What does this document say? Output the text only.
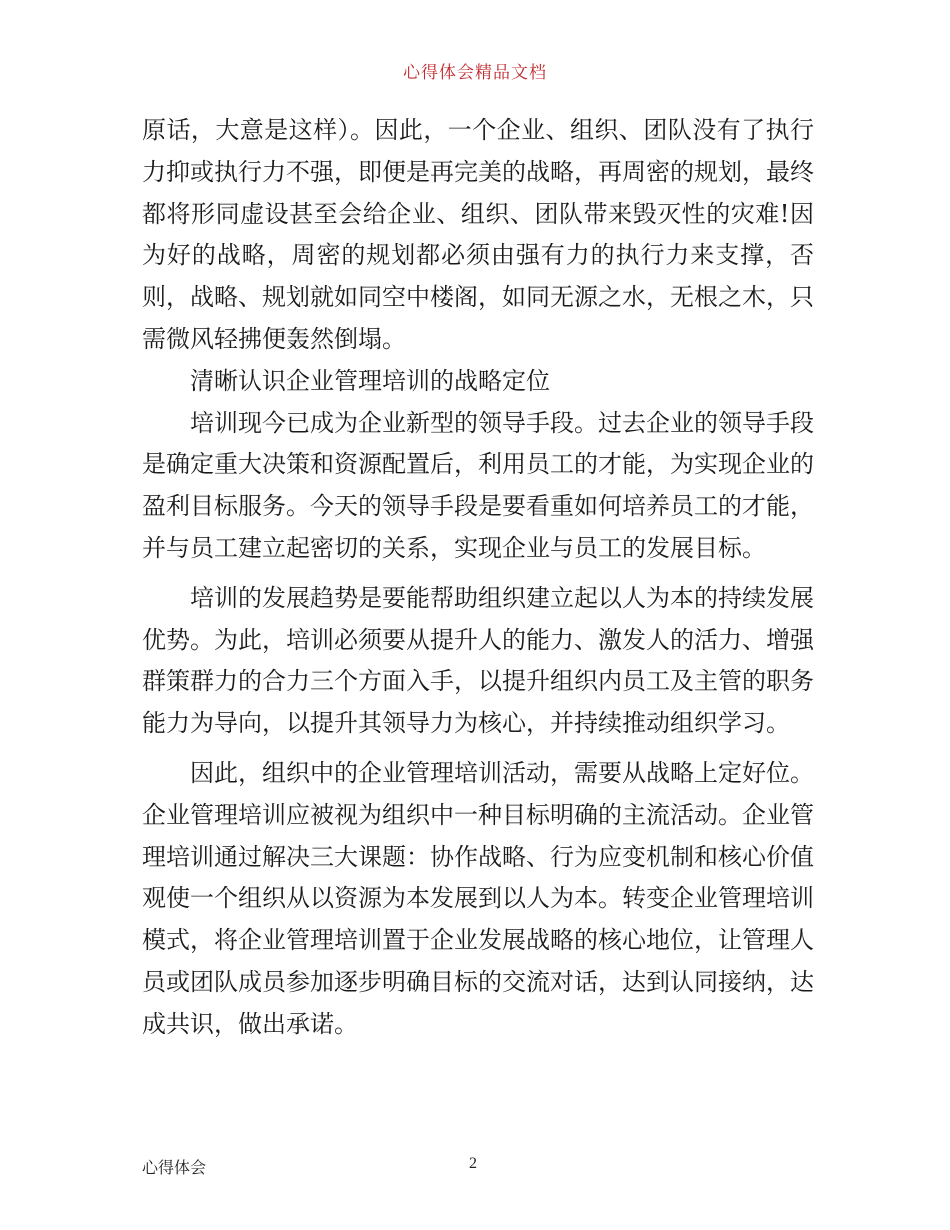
心得体会精品文档

原话，大意是这样）。因此，一个企业、组织、团队没有了执行力抑或执行力不强，即便是再完美的战略，再周密的规划，最终都将形同虚设甚至会给企业、组织、团队带来毁灭性的灾难!因为好的战略，周密的规划都必须由强有力的执行力来支撑，否则，战略、规划就如同空中楼阁，如同无源之水，无根之木，只需微风轻拂便轰然倒塌。

清晰认识企业管理培训的战略定位

培训现今已成为企业新型的领导手段。过去企业的领导手段是确定重大决策和资源配置后，利用员工的才能，为实现企业的盈利目标服务。今天的领导手段是要看重如何培养员工的才能，并与员工建立起密切的关系，实现企业与员工的发展目标。

培训的发展趋势是要能帮助组织建立起以人为本的持续发展优势。为此，培训必须要从提升人的能力、激发人的活力、增强群策群力的合力三个方面入手，以提升组织内员工及主管的职务能力为导向，以提升其领导力为核心，并持续推动组织学习。

因此，组织中的企业管理培训活动，需要从战略上定好位。企业管理培训应被视为组织中一种目标明确的主流活动。企业管理培训通过解决三大课题：协作战略、行为应变机制和核心价值观使一个组织从以资源为本发展到以人为本。转变企业管理培训模式，将企业管理培训置于企业发展战略的核心地位，让管理人员或团队成员参加逐步明确目标的交流对话，达到认同接纳，达成共识，做出承诺。

心得体会	2
